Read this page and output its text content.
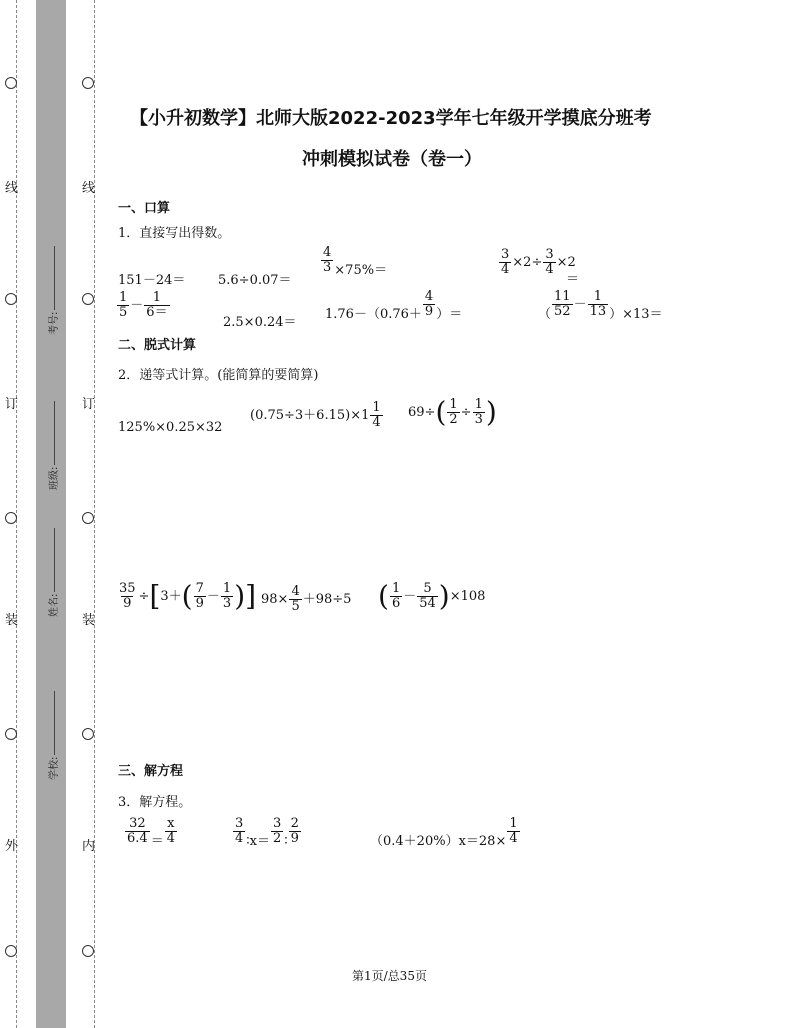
线
订
装
外
线
订
装
内
考号:
班级:
姓名:
学校:
【小升初数学】北师大版2022-2023学年七年级开学摸底分班考
冲刺模拟试卷（卷一）
一、口算
1．直接写出得数。
151－24＝	5.6÷0.07＝
$\frac{4}{3} \times 75\%=$	$\frac{3}{4} \times 2\div \frac{3}{4} \times 2$
＝
$\frac{1}{5} - \frac{1}{6=}$
2.5×0.24＝
$1.76-(0.76+ \frac{4}{9}$ ）＝	（ $\frac{11}{52} - \frac{1}{13} )\times 13=$
二、脱式计算
2．递等式计算。(能简算的要简算)
125%×0.25×32
$(0.75\div 3+6.15)\times 1 \frac{1}{4} 69\div( \frac{1}{2} \div \frac{1}{3}$ )
$\frac{35}{9} \div[3+( \frac{7}{9} - \frac{1}{3}$ )] $98\times \frac{4}{5} +98\div 5$ ( $\frac{1}{6} - \frac{5}{54} )\times 108$
三、解方程
3．解方程。
$\frac{32}{6.4} = \frac{x}{4}$	$\frac{3}{4}$ ∶x＝ $\frac{3}{2}$ ∶ $\frac{2}{9}$	$(0.4+20\%)x=28\times \frac{1}{4}$
第1页/总35页
